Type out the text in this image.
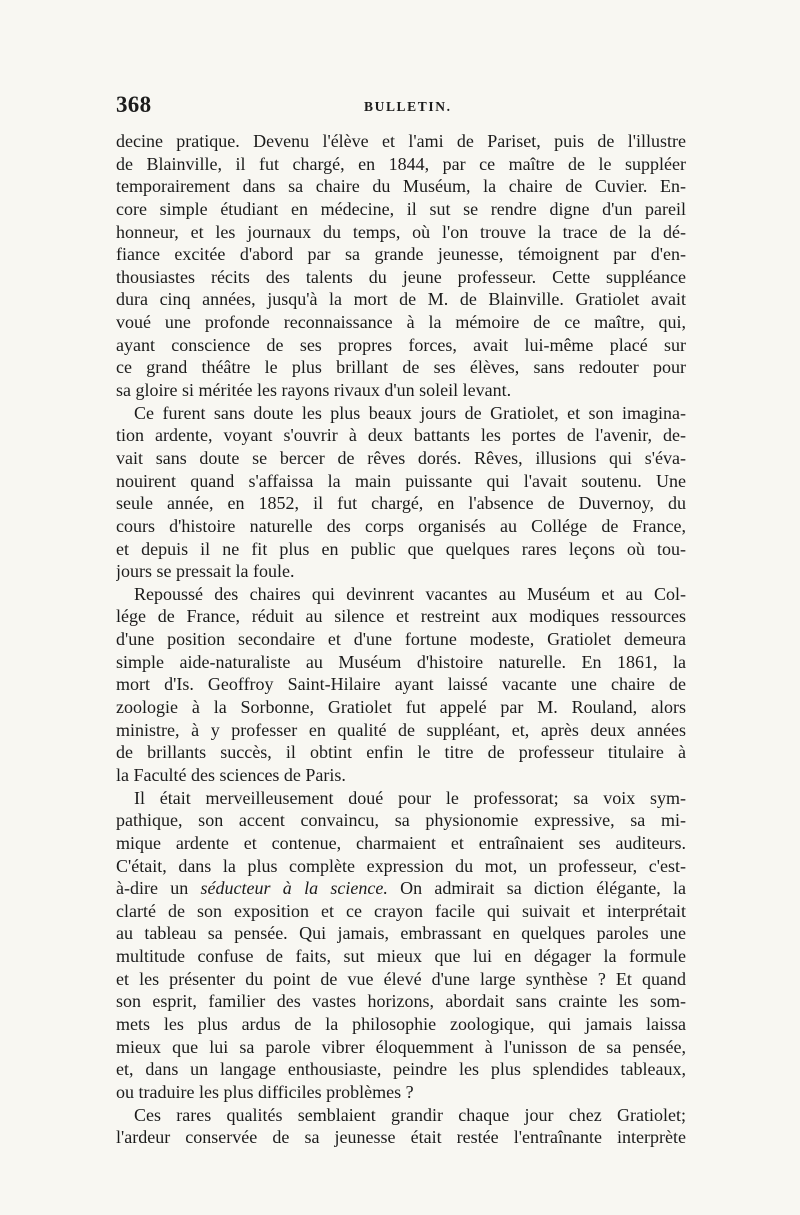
368	BULLETIN.
decine pratique. Devenu l'élève et l'ami de Pariset, puis de l'illustre
de Blainville, il fut chargé, en 1844, par ce maître de le suppléer
temporairement dans sa chaire du Muséum, la chaire de Cuvier. En-
core simple étudiant en médecine, il sut se rendre digne d'un pareil
honneur, et les journaux du temps, où l'on trouve la trace de la dé-
fiance excitée d'abord par sa grande jeunesse, témoignent par d'en-
thousiastes récits des talents du jeune professeur. Cette suppléance
dura cinq années, jusqu'à la mort de M. de Blainville. Gratiolet avait
voué une profonde reconnaissance à la mémoire de ce maître, qui,
ayant conscience de ses propres forces, avait lui-même placé sur
ce grand théâtre le plus brillant de ses élèves, sans redouter pour
sa gloire si méritée les rayons rivaux d'un soleil levant.
Ce furent sans doute les plus beaux jours de Gratiolet, et son imagina-
tion ardente, voyant s'ouvrir à deux battants les portes de l'avenir, de-
vait sans doute se bercer de rêves dorés. Rêves, illusions qui s'éva-
nouirent quand s'affaissa la main puissante qui l'avait soutenu. Une
seule année, en 1852, il fut chargé, en l'absence de Duvernoy, du
cours d'histoire naturelle des corps organisés au Collége de France,
et depuis il ne fit plus en public que quelques rares leçons où tou-
jours se pressait la foule.
Repoussé des chaires qui devinrent vacantes au Muséum et au Col-
lége de France, réduit au silence et restreint aux modiques ressources
d'une position secondaire et d'une fortune modeste, Gratiolet demeura
simple aide-naturaliste au Muséum d'histoire naturelle. En 1861, la
mort d'Is. Geoffroy Saint-Hilaire ayant laissé vacante une chaire de
zoologie à la Sorbonne, Gratiolet fut appelé par M. Rouland, alors
ministre, à y professer en qualité de suppléant, et, après deux années
de brillants succès, il obtint enfin le titre de professeur titulaire à
la Faculté des sciences de Paris.
Il était merveilleusement doué pour le professorat; sa voix sym-
pathique, son accent convaincu, sa physionomie expressive, sa mi-
mique ardente et contenue, charmaient et entraînaient ses auditeurs.
C'était, dans la plus complète expression du mot, un professeur, c'est-
à-dire un séducteur à la science. On admirait sa diction élégante, la
clarté de son exposition et ce crayon facile qui suivait et interprétait
au tableau sa pensée. Qui jamais, embrassant en quelques paroles une
multitude confuse de faits, sut mieux que lui en dégager la formule
et les présenter du point de vue élevé d'une large synthèse ? Et quand
son esprit, familier des vastes horizons, abordait sans crainte les som-
mets les plus ardus de la philosophie zoologique, qui jamais laissa
mieux que lui sa parole vibrer éloquemment à l'unisson de sa pensée,
et, dans un langage enthousiaste, peindre les plus splendides tableaux,
ou traduire les plus difficiles problèmes ?
Ces rares qualités semblaient grandir chaque jour chez Gratiolet;
l'ardeur conservée de sa jeunesse était restée l'entraînante interprète
